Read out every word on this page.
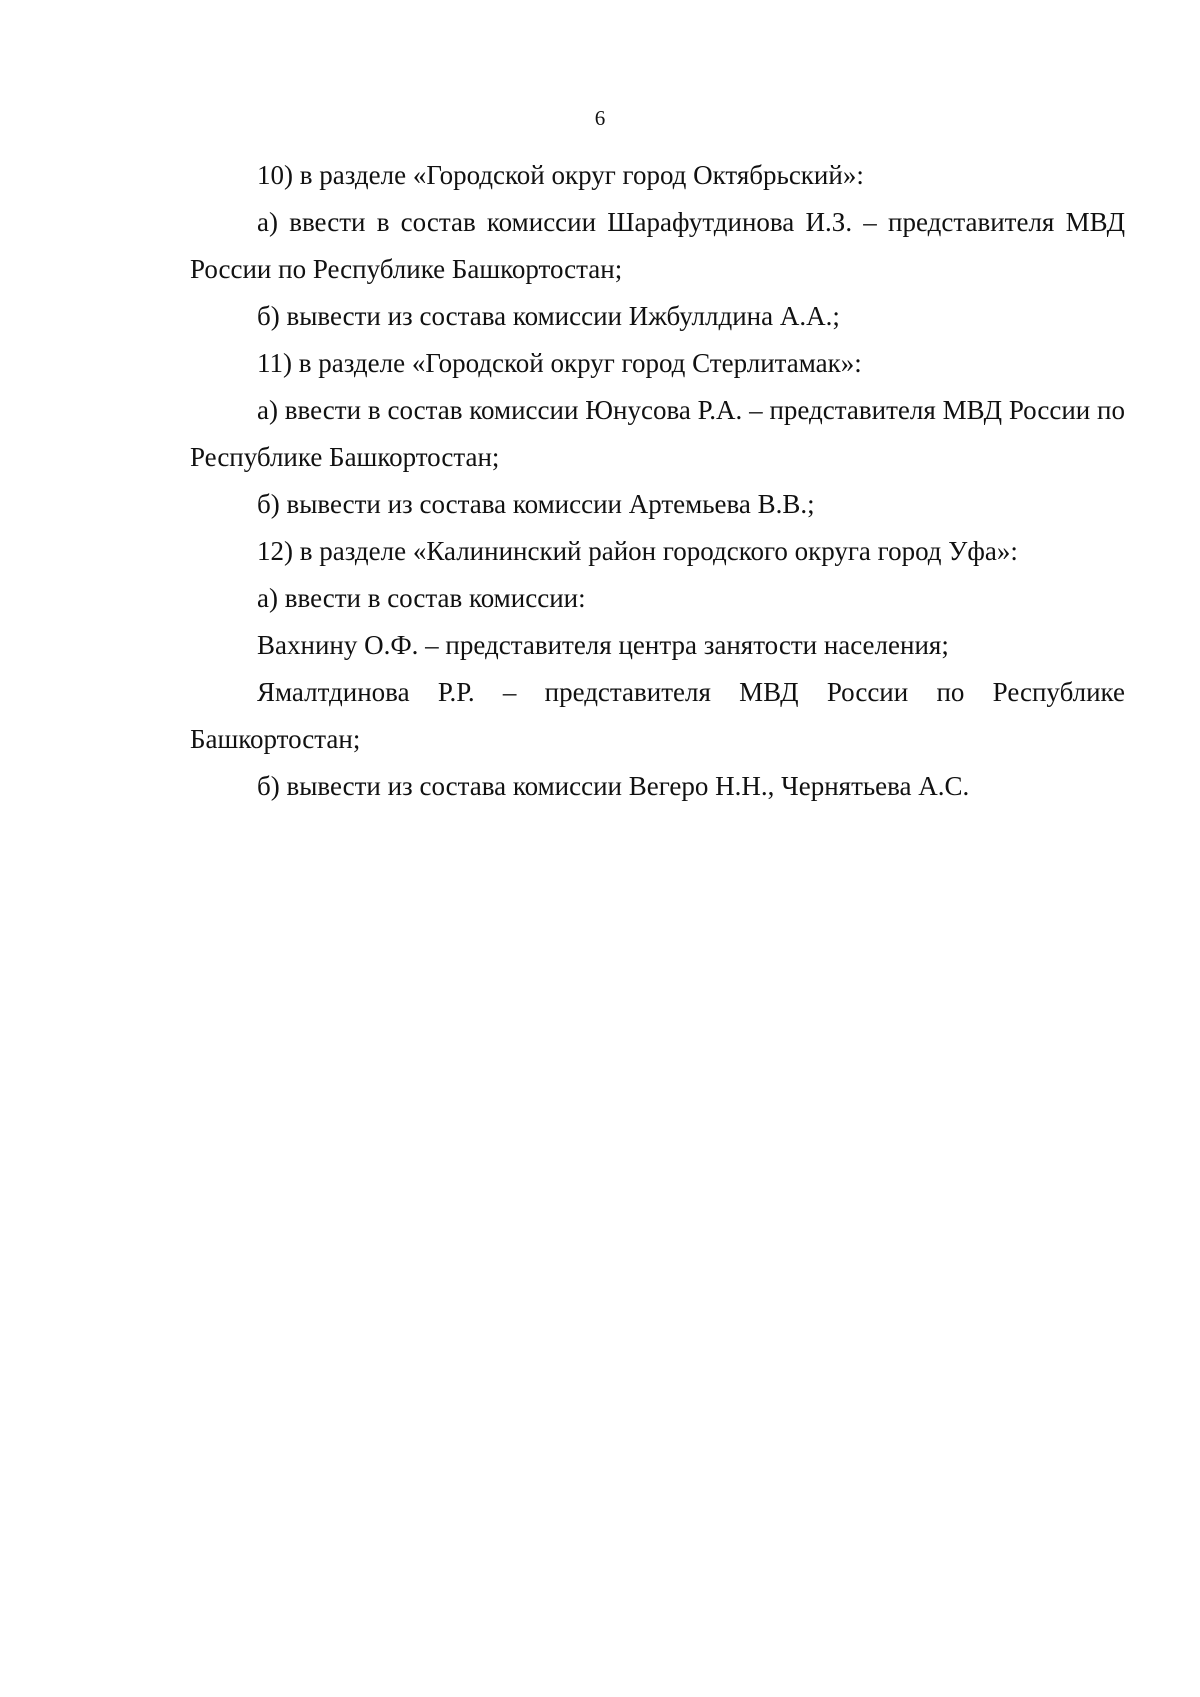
6

10) в разделе «Городской округ город Октябрьский»:

а) ввести в состав комиссии Шарафутдинова И.З. – представителя МВД России по Республике Башкортостан;

б) вывести из состава комиссии Ижбуллдина А.А.;

11) в разделе «Городской округ город Стерлитамак»:

а) ввести в состав комиссии Юнусова Р.А. – представителя МВД России по Республике Башкортостан;

б) вывести из состава комиссии Артемьева В.В.;

12) в разделе «Калининский район городского округа город Уфа»:

а) ввести в состав комиссии:

Вахнину О.Ф. – представителя центра занятости населения;

Ямалтдинова Р.Р. – представителя МВД России по Республике Башкортостан;

б) вывести из состава комиссии Вегеро Н.Н., Чернятьева А.С.
